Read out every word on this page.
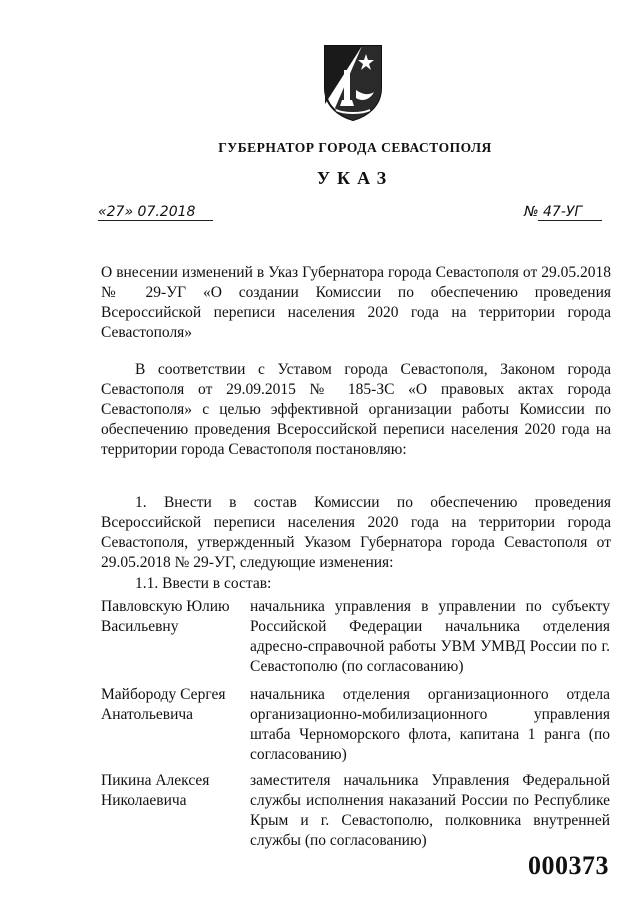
ГУБЕРНАТОР ГОРОДА СЕВАСТОПОЛЯ
УКАЗ
«27» 07.2018	№ 47-УГ
О внесении изменений в Указ Губернатора города Севастополя от 29.05.2018 № 29-УГ «О создании Комиссии по обеспечению проведения Всероссийской переписи населения 2020 года на территории города Севастополя»
В соответствии с Уставом города Севастополя, Законом города Севастополя от 29.09.2015 № 185-ЗС «О правовых актах города Севастополя» с целью эффективной организации работы Комиссии по обеспечению проведения Всероссийской переписи населения 2020 года на территории города Севастополя постановляю:
1. Внести в состав Комиссии по обеспечению проведения Всероссийской переписи населения 2020 года на территории города Севастополя, утвержденный Указом Губернатора города Севастополя от 29.05.2018 № 29-УГ, следующие изменения:
1.1. Ввести в состав:
Павловскую Юлию Васильевну
начальника управления в управлении по субъекту Российской Федерации начальника отделения адресно-справочной работы УВМ УМВД России по г. Севастополю (по согласованию)
Майбороду Сергея Анатольевича
начальника отделения организационного отдела организационно-мобилизационного управления штаба Черноморского флота, капитана 1 ранга (по согласованию)
Пикина Алексея Николаевича
заместителя начальника Управления Федеральной службы исполнения наказаний России по Республике Крым и г. Севастополю, полковника внутренней службы (по согласованию)
000373
